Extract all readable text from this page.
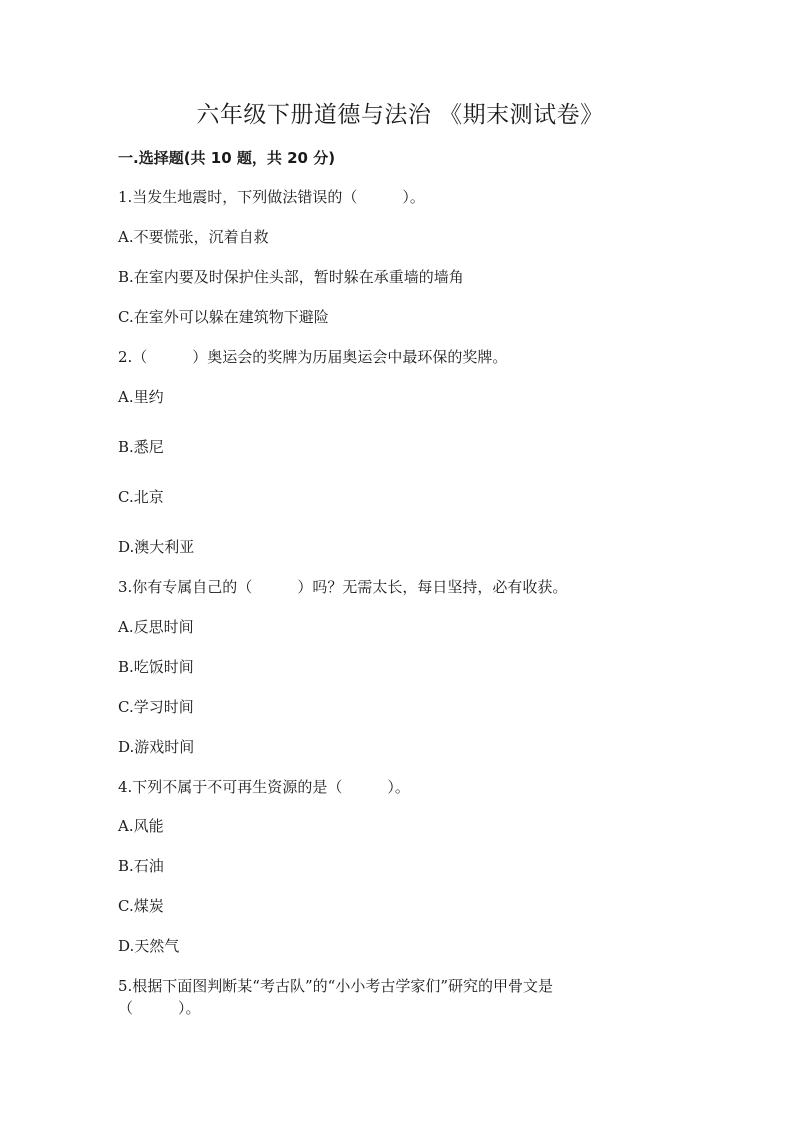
六年级下册道德与法治 《期末测试卷》
一.选择题(共 10 题，共 20 分)
1.当发生地震时，下列做法错误的（　　　）。
A.不要慌张，沉着自救
B.在室内要及时保护住头部，暂时躲在承重墙的墙角
C.在室外可以躲在建筑物下避险
2.（　　　）奥运会的奖牌为历届奥运会中最环保的奖牌。
A.里约
B.悉尼
C.北京
D.澳大利亚
3.你有专属自己的（　　　）吗？无需太长，每日坚持，必有收获。
A.反思时间
B.吃饭时间
C.学习时间
D.游戏时间
4.下列不属于不可再生资源的是（　　　）。
A.风能
B.石油
C.煤炭
D.天然气
5.根据下面图判断某“考古队”的“小小考古学家们”研究的甲骨文是
（　　　）。
